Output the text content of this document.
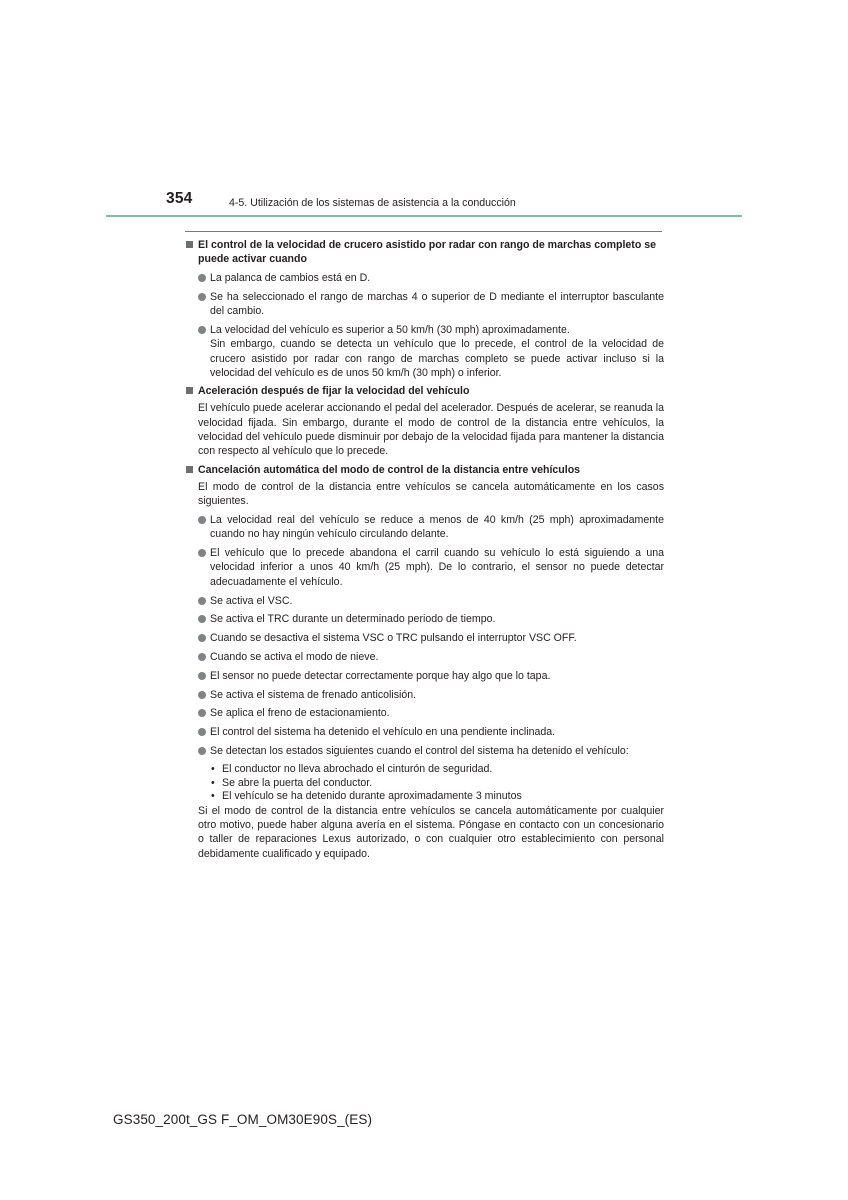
354	4-5. Utilización de los sistemas de asistencia a la conducción
El control de la velocidad de crucero asistido por radar con rango de marchas completo se puede activar cuando
La palanca de cambios está en D.
Se ha seleccionado el rango de marchas 4 o superior de D mediante el interruptor basculante del cambio.
La velocidad del vehículo es superior a 50 km/h (30 mph) aproximadamente.
Sin embargo, cuando se detecta un vehículo que lo precede, el control de la velocidad de crucero asistido por radar con rango de marchas completo se puede activar incluso si la velocidad del vehículo es de unos 50 km/h (30 mph) o inferior.
Aceleración después de fijar la velocidad del vehículo
El vehículo puede acelerar accionando el pedal del acelerador. Después de acelerar, se reanuda la velocidad fijada. Sin embargo, durante el modo de control de la distancia entre vehículos, la velocidad del vehículo puede disminuir por debajo de la velocidad fijada para mantener la distancia con respecto al vehículo que lo precede.
Cancelación automática del modo de control de la distancia entre vehículos
El modo de control de la distancia entre vehículos se cancela automáticamente en los casos siguientes.
La velocidad real del vehículo se reduce a menos de 40 km/h (25 mph) aproximadamente cuando no hay ningún vehículo circulando delante.
El vehículo que lo precede abandona el carril cuando su vehículo lo está siguiendo a una velocidad inferior a unos 40 km/h (25 mph). De lo contrario, el sensor no puede detectar adecuadamente el vehículo.
Se activa el VSC.
Se activa el TRC durante un determinado periodo de tiempo.
Cuando se desactiva el sistema VSC o TRC pulsando el interruptor VSC OFF.
Cuando se activa el modo de nieve.
El sensor no puede detectar correctamente porque hay algo que lo tapa.
Se activa el sistema de frenado anticolisión.
Se aplica el freno de estacionamiento.
El control del sistema ha detenido el vehículo en una pendiente inclinada.
Se detectan los estados siguientes cuando el control del sistema ha detenido el vehículo:
• El conductor no lleva abrochado el cinturón de seguridad.
• Se abre la puerta del conductor.
• El vehículo se ha detenido durante aproximadamente 3 minutos
Si el modo de control de la distancia entre vehículos se cancela automáticamente por cualquier otro motivo, puede haber alguna avería en el sistema. Póngase en contacto con un concesionario o taller de reparaciones Lexus autorizado, o con cualquier otro establecimiento con personal debidamente cualificado y equipado.
GS350_200t_GS F_OM_OM30E90S_(ES)
